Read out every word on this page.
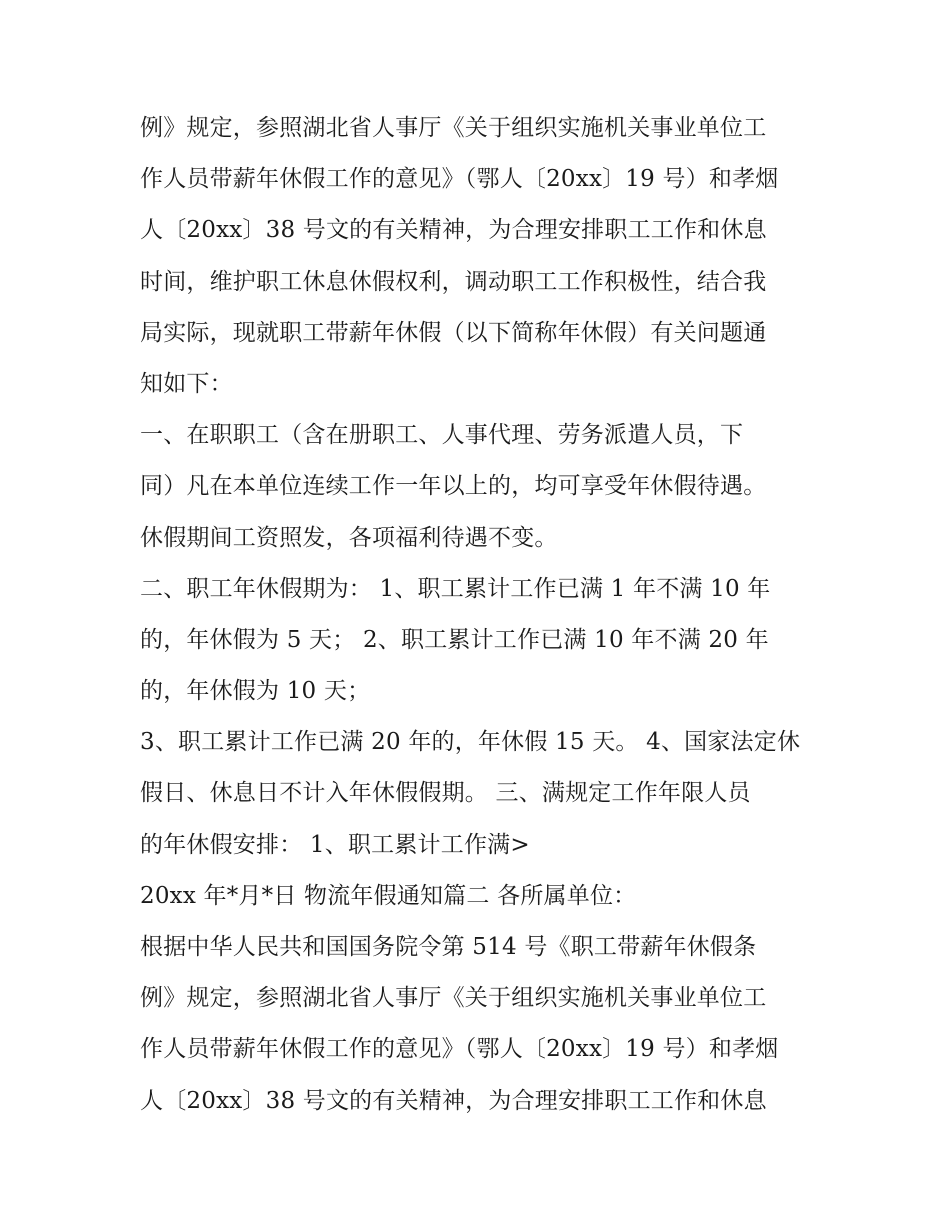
例》规定，参照湖北省人事厅《关于组织实施机关事业单位工
作人员带薪年休假工作的意见》（鄂人〔20xx〕19 号）和孝烟
人〔20xx〕38 号文的有关精神，为合理安排职工工作和休息
时间，维护职工休息休假权利，调动职工工作积极性，结合我
局实际，现就职工带薪年休假（以下简称年休假）有关问题通
知如下：
一、在职职工（含在册职工、人事代理、劳务派遣人员，下
同）凡在本单位连续工作一年以上的，均可享受年休假待遇。
休假期间工资照发，各项福利待遇不变。
二、职工年休假期为： 1、职工累计工作已满 1 年不满 10 年
的，年休假为 5 天； 2、职工累计工作已满 10 年不满 20 年
的，年休假为 10 天；
3、职工累计工作已满 20 年的，年休假 15 天。 4、国家法定休
假日、休息日不计入年休假假期。 三、满规定工作年限人员
的年休假安排： 1、职工累计工作满>
20xx 年*月*日 物流年假通知篇二 各所属单位：
根据中华人民共和国国务院令第 514 号《职工带薪年休假条
例》规定，参照湖北省人事厅《关于组织实施机关事业单位工
作人员带薪年休假工作的意见》（鄂人〔20xx〕19 号）和孝烟
人〔20xx〕38 号文的有关精神，为合理安排职工工作和休息
